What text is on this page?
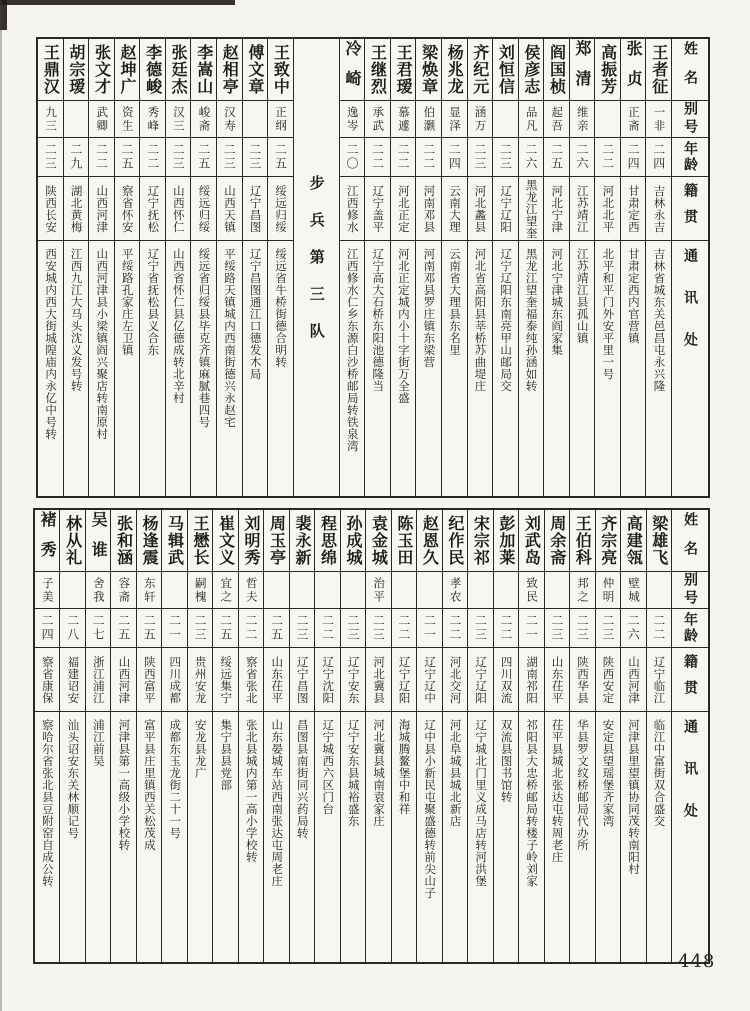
姓名
别号
年龄
籍贯
通讯处
王者征
一非
二四
吉林永吉
吉林省城东关邑昌屯永兴隆
张贞
正斋
二四
甘肃定西
甘肃定西内官营镇
高振芳
二二
河北北平
北平和平门外安平里一号
郑清
维亲
二六
江苏靖江
江苏靖江县孤山镇
阎国桢
起吾
二五
河北宁津
河北宁津城东阎家集
侯彦志
品凡
二六
黑龙江望奎
黑龙江望奎福泰纯孙涵如转
刘恒信
二三
辽宁辽阳
辽宁辽阳东南亮甲山邮局交
齐纪元
涵万
二三
河北蠡县
河北省高阳县莘桥苏曲堤庄
杨兆龙
显泽
二四
云南大理
云南省大理县东名里
梁焕章
伯灏
二二
河南邓县
河南邓县罗庄镇东梁营
王君瑷
慕遽
二二
河北正定
河北正定城内小十字街万全盛
王继烈
承武
二二
辽宁盖平
辽宁高大石桥东阳池德隆当
冷崎
逸岑
二〇
江西修水
江西修水仁乡东源白沙桥邮局转铁泉湾
步兵第三队
王致中
正纲
二五
绥远归绥
绥远省牛桥街德合明转
傅文章
二三
辽宁昌图
辽宁昌图通江口德发木局
赵相亭
汉寿
二三
山西天镇
平绥路天镇城内西南街德兴永赵宅
李嵩山
峻斋
二五
绥远归绥
绥远省归绥县毕克齐镇麻腻巷四号
张廷杰
汉三
二三
山西怀仁
山西省怀仁县亿德成转北辛村
李德峻
秀峰
二二
辽宁抚松
辽宁省抚松县义合东
赵坤广
资生
二五
察省怀安
平绥路孔家庄左卫镇
张文才
武卿
二二
山西河津
山西河津县小梁镇阎兴聚店转南原村
胡宗瑷
二九
湖北黄梅
江西九江大马头沈义发号转
王鼎汉
九三
二三
陕西长安
西安城内西大街城隍庙内永亿中号转
姓名
别号
年龄
籍贯
通讯处
梁雄飞
二二
辽宁临江
临江中富街双合盛交
高建瓴
壁城
二六
山西河津
河津县里望镇协同茂转南阳村
齐宗亮
仲明
二三
陕西安定
安定县望瑶堡齐家湾
王伯科
邦之
二三
陕西华县
华县罗文纹桥邮局代办所
周余斋
二三
山东茌平
茌平县城北张达屯转周老庄
刘武岛
致民
二一
湖南祁阳
祁阳县大忠桥邮局转楼子岭刘家
彭加莱
二二
四川双流
双流县图书馆转
宋宗祁
二三
辽宁辽阳
辽宁城北门里义成马店转河洪堡
纪作民
孝农
二二
河北交河
河北阜城县城北新店
赵恩久
二一
辽宁辽中
辽中县小新民屯聚盛德转前尖山子
陈玉田
二二
辽宁辽阳
海城腾鳌堡中和祥
袁金城
治平
二三
河北冀县
河北冀县城南袁家庄
孙成城
二三
辽宁安东
辽宁安东县城裕盛东
程思绵
二二
辽宁沈阳
辽宁城西六区门台
裴永新
二三
辽宁昌图
昌图县南街同兴药局转
周玉亭
二五
山东茌平
山东晏城车站西南张达屯周老庄
刘明秀
哲夫
二二
察省张北
张北县城内第一高小学校转
崔文义
宜之
二五
绥远集宁
集宁县县党部
王懋长
嗣槐
二三
贵州安龙
安龙县龙广
马辑武
二一
四川成都
成都东玉龙街二十一号
杨逢震
东轩
二五
陕西富平
富平县庄里镇西关松茂成
张和涵
容斋
二五
山西河津
河津县第一高级小学校转
吴谁
舍我
二七
浙江浦江
浦江前吴
林从礼
二八
福建诏安
汕头诏安东关林顺记号
褚秀
子美
二四
察省康保
察哈尔省张北县豆附窑自成公转
448
